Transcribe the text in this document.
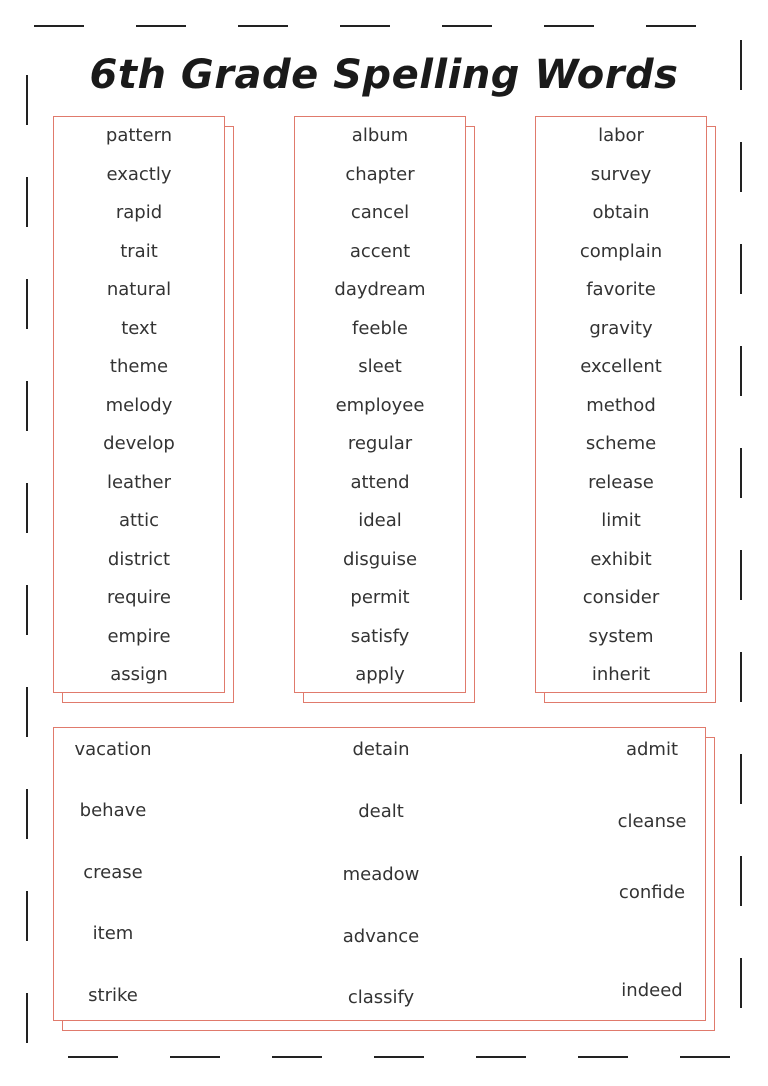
6th Grade Spelling Words
pattern
exactly
rapid
trait
natural
text
theme
melody
develop
leather
attic
district
require
empire
assign
album
chapter
cancel
accent
daydream
feeble
sleet
employee
regular
attend
ideal
disguise
permit
satisfy
apply
labor
survey
obtain
complain
favorite
gravity
excellent
method
scheme
release
limit
exhibit
consider
system
inherit
vacation
behave
crease
item
strike
detain
dealt
meadow
advance
classify
admit
cleanse
confide
indeed
